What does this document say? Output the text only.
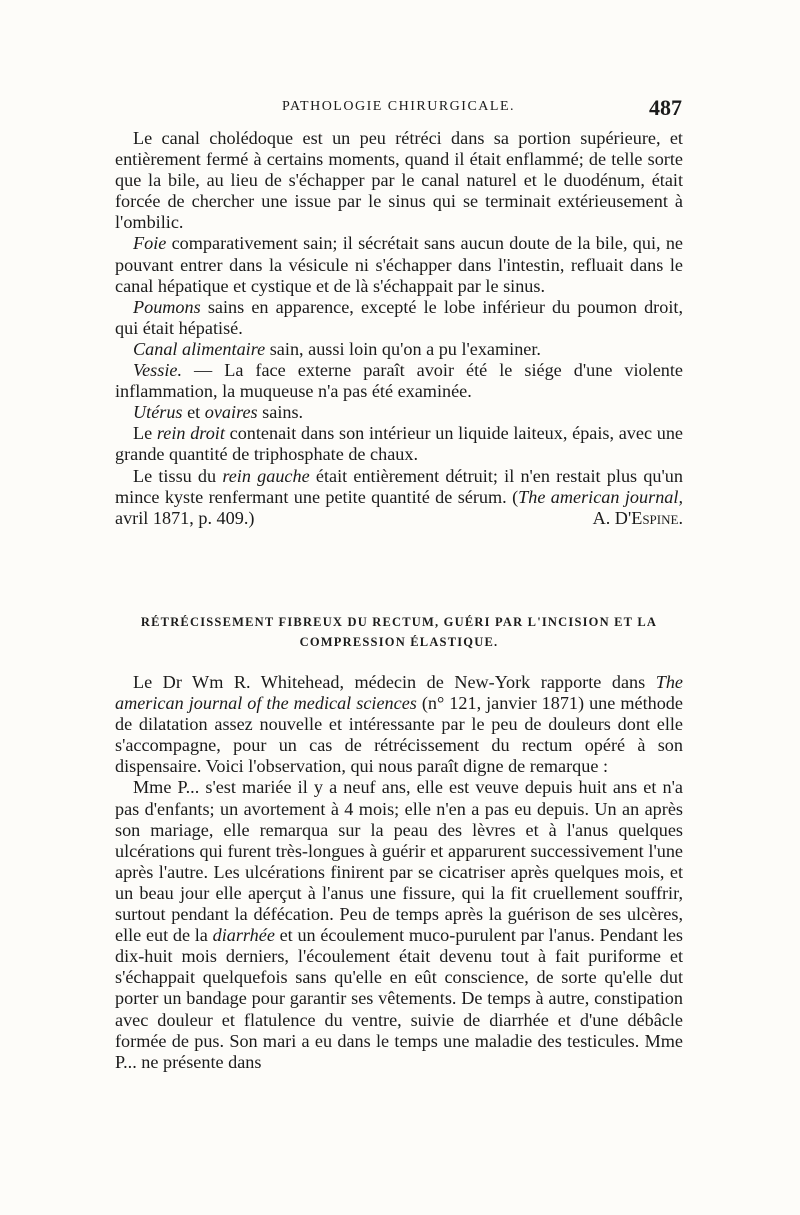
PATHOLOGIE CHIRURGICALE.	487

Le canal cholédoque est un peu rétréci dans sa portion supérieure, et entièrement fermé à certains moments, quand il était enflammé; de telle sorte que la bile, au lieu de s'échapper par le canal naturel et le duodénum, était forcée de chercher une issue par le sinus qui se terminait extérieusement à l'ombilic.

Foie comparativement sain; il sécrétait sans aucun doute de la bile, qui, ne pouvant entrer dans la vésicule ni s'échapper dans l'intestin, refluait dans le canal hépatique et cystique et de là s'échappait par le sinus.

Poumons sains en apparence, excepté le lobe inférieur du poumon droit, qui était hépatisé.

Canal alimentaire sain, aussi loin qu'on a pu l'examiner.

Vessie. — La face externe paraît avoir été le siége d'une violente inflammation, la muqueuse n'a pas été examinée.

Utérus et ovaires sains.

Le rein droit contenait dans son intérieur un liquide laiteux, épais, avec une grande quantité de triphosphate de chaux.

Le tissu du rein gauche était entièrement détruit; il n'en restait plus qu'un mince kyste renfermant une petite quantité de sérum. (The american journal, avril 1871, p. 409.)	A. D'Espine.

RÉTRÉCISSEMENT FIBREUX DU RECTUM, GUÉRI PAR L'INCISION ET LA
COMPRESSION ÉLASTIQUE.

Le Dr Wm R. Whitehead, médecin de New-York rapporte dans The american journal of the medical sciences (n° 121, janvier 1871) une méthode de dilatation assez nouvelle et intéressante par le peu de douleurs dont elle s'accompagne, pour un cas de rétrécissement du rectum opéré à son dispensaire. Voici l'observation, qui nous paraît digne de remarque :

Mme P... s'est mariée il y a neuf ans, elle est veuve depuis huit ans et n'a pas d'enfants; un avortement à 4 mois; elle n'en a pas eu depuis. Un an après son mariage, elle remarqua sur la peau des lèvres et à l'anus quelques ulcérations qui furent très-longues à guérir et apparurent successivement l'une après l'autre. Les ulcérations finirent par se cicatriser après quelques mois, et un beau jour elle aperçut à l'anus une fissure, qui la fit cruellement souffrir, surtout pendant la défécation. Peu de temps après la guérison de ses ulcères, elle eut de la diarrhée et un écoulement muco-purulent par l'anus. Pendant les dix-huit mois derniers, l'écoulement était devenu tout à fait puriforme et s'échappait quelquefois sans qu'elle en eût conscience, de sorte qu'elle dut porter un bandage pour garantir ses vêtements. De temps à autre, constipation avec douleur et flatulence du ventre, suivie de diarrhée et d'une débâcle formée de pus. Son mari a eu dans le temps une maladie des testicules. Mme P... ne présente dans
